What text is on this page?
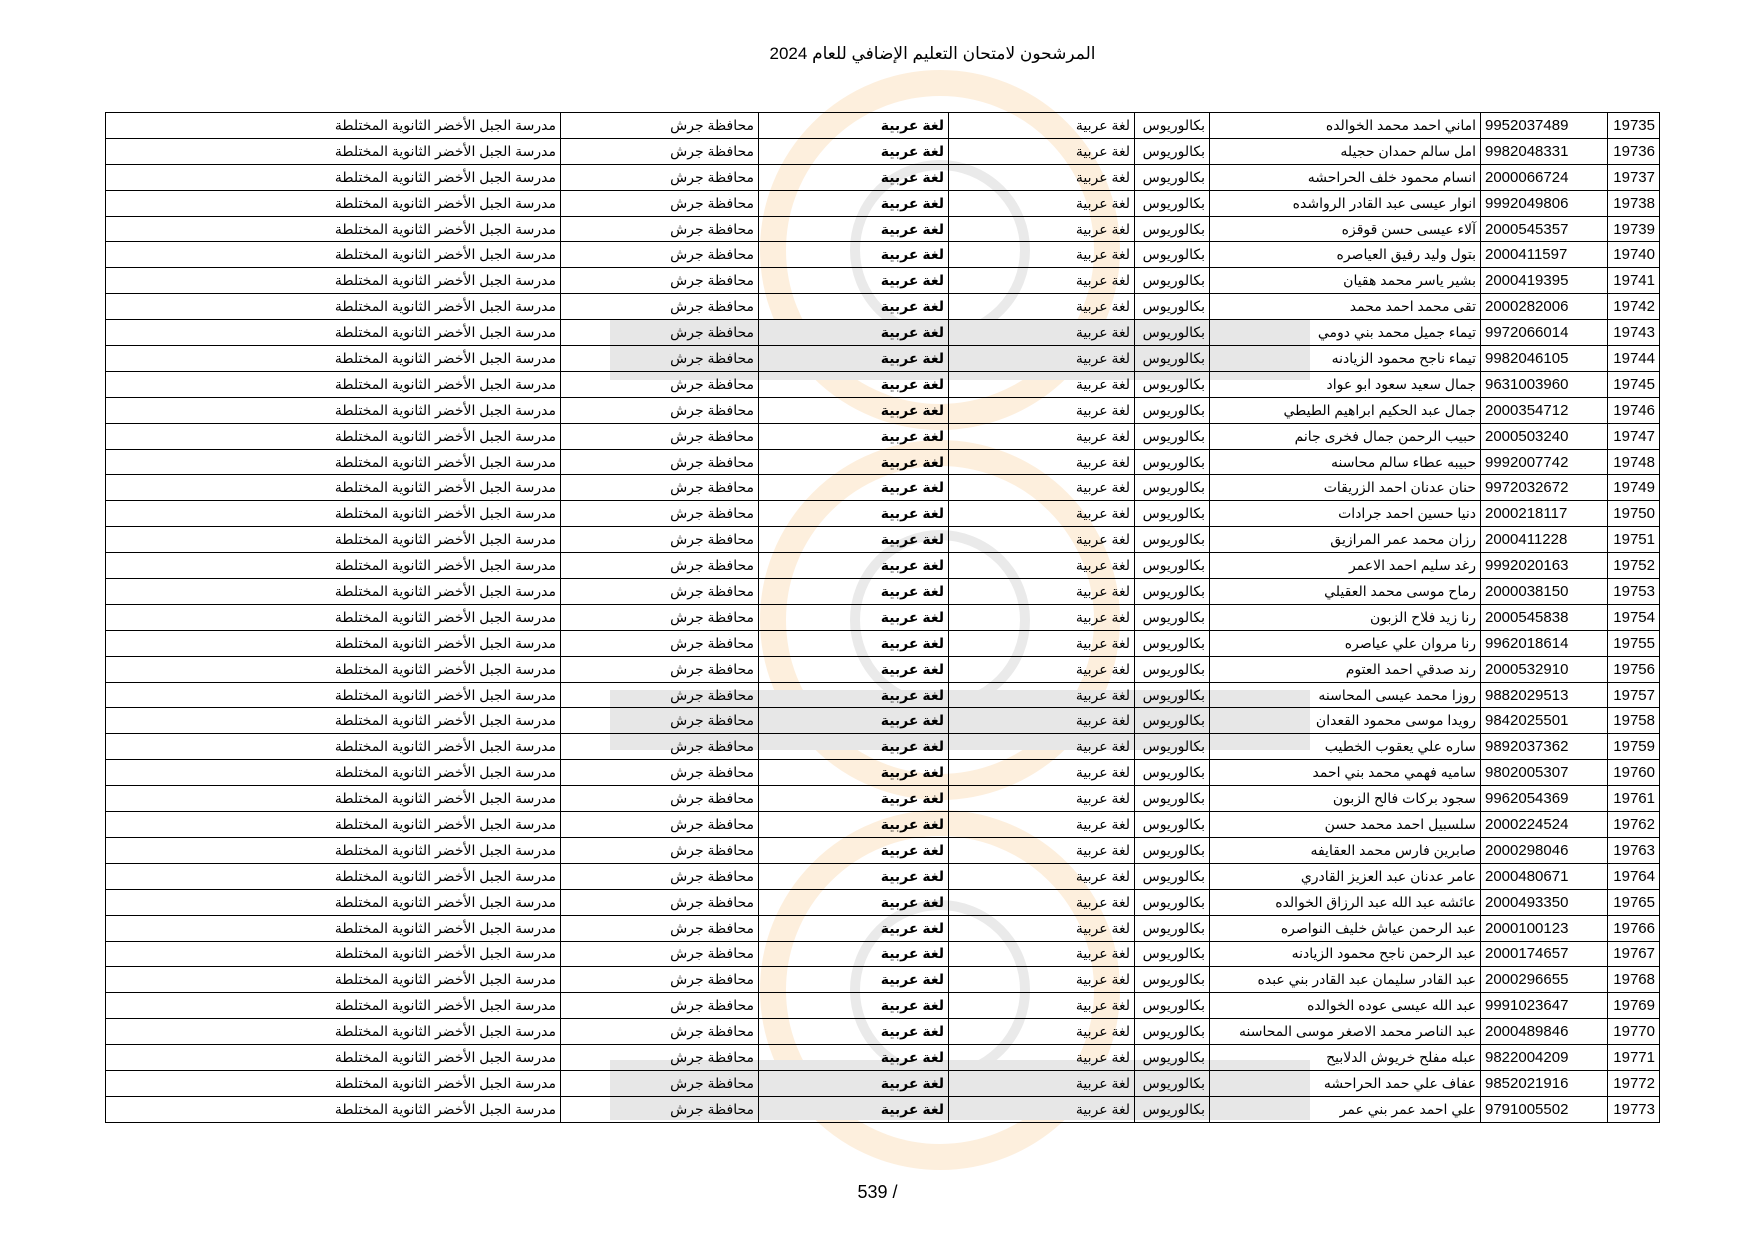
المرشحون لامتحان التعليم الإضافي للعام 2024
19735	9952037489	اماني احمد محمد الخوالده	بكالوريوس	لغة عربية	لغة عربية	محافظة جرش	مدرسة الجبل الأخضر الثانوية المختلطة
19736	9982048331	امل سالم حمدان حجيله	بكالوريوس	لغة عربية	لغة عربية	محافظة جرش	مدرسة الجبل الأخضر الثانوية المختلطة
19737	2000066724	انسام محمود خلف الحراحشه	بكالوريوس	لغة عربية	لغة عربية	محافظة جرش	مدرسة الجبل الأخضر الثانوية المختلطة
19738	9992049806	انوار عيسى عبد القادر الرواشده	بكالوريوس	لغة عربية	لغة عربية	محافظة جرش	مدرسة الجبل الأخضر الثانوية المختلطة
19739	2000545357	آلاء عيسى حسن قوقزه	بكالوريوس	لغة عربية	لغة عربية	محافظة جرش	مدرسة الجبل الأخضر الثانوية المختلطة
19740	2000411597	بتول وليد رفيق العياصره	بكالوريوس	لغة عربية	لغة عربية	محافظة جرش	مدرسة الجبل الأخضر الثانوية المختلطة
19741	2000419395	بشير ياسر محمد هقيان	بكالوريوس	لغة عربية	لغة عربية	محافظة جرش	مدرسة الجبل الأخضر الثانوية المختلطة
19742	2000282006	تقى محمد احمد محمد	بكالوريوس	لغة عربية	لغة عربية	محافظة جرش	مدرسة الجبل الأخضر الثانوية المختلطة
19743	9972066014	تيماء جميل محمد بني دومي	بكالوريوس	لغة عربية	لغة عربية	محافظة جرش	مدرسة الجبل الأخضر الثانوية المختلطة
19744	9982046105	تيماء ناجح محمود الزيادنه	بكالوريوس	لغة عربية	لغة عربية	محافظة جرش	مدرسة الجبل الأخضر الثانوية المختلطة
19745	9631003960	جمال سعيد سعود ابو عواد	بكالوريوس	لغة عربية	لغة عربية	محافظة جرش	مدرسة الجبل الأخضر الثانوية المختلطة
19746	2000354712	جمال عبد الحكيم ابراهيم الطيطي	بكالوريوس	لغة عربية	لغة عربية	محافظة جرش	مدرسة الجبل الأخضر الثانوية المختلطة
19747	2000503240	حبيب الرحمن جمال فخرى جانم	بكالوريوس	لغة عربية	لغة عربية	محافظة جرش	مدرسة الجبل الأخضر الثانوية المختلطة
19748	9992007742	حبيبه عطاء سالم محاسنه	بكالوريوس	لغة عربية	لغة عربية	محافظة جرش	مدرسة الجبل الأخضر الثانوية المختلطة
19749	9972032672	حنان عدنان احمد الزريقات	بكالوريوس	لغة عربية	لغة عربية	محافظة جرش	مدرسة الجبل الأخضر الثانوية المختلطة
19750	2000218117	دنيا حسين احمد جرادات	بكالوريوس	لغة عربية	لغة عربية	محافظة جرش	مدرسة الجبل الأخضر الثانوية المختلطة
19751	2000411228	رزان محمد عمر المرازيق	بكالوريوس	لغة عربية	لغة عربية	محافظة جرش	مدرسة الجبل الأخضر الثانوية المختلطة
19752	9992020163	رغد سليم احمد الاعمر	بكالوريوس	لغة عربية	لغة عربية	محافظة جرش	مدرسة الجبل الأخضر الثانوية المختلطة
19753	2000038150	رماح موسى محمد العقيلي	بكالوريوس	لغة عربية	لغة عربية	محافظة جرش	مدرسة الجبل الأخضر الثانوية المختلطة
19754	2000545838	رنا زيد فلاح الزبون	بكالوريوس	لغة عربية	لغة عربية	محافظة جرش	مدرسة الجبل الأخضر الثانوية المختلطة
19755	9962018614	رنا مروان علي عياصره	بكالوريوس	لغة عربية	لغة عربية	محافظة جرش	مدرسة الجبل الأخضر الثانوية المختلطة
19756	2000532910	رند صدقي احمد العتوم	بكالوريوس	لغة عربية	لغة عربية	محافظة جرش	مدرسة الجبل الأخضر الثانوية المختلطة
19757	9882029513	روزا محمد عيسى المحاسنه	بكالوريوس	لغة عربية	لغة عربية	محافظة جرش	مدرسة الجبل الأخضر الثانوية المختلطة
19758	9842025501	رويدا موسى محمود القعدان	بكالوريوس	لغة عربية	لغة عربية	محافظة جرش	مدرسة الجبل الأخضر الثانوية المختلطة
19759	9892037362	ساره علي يعقوب الخطيب	بكالوريوس	لغة عربية	لغة عربية	محافظة جرش	مدرسة الجبل الأخضر الثانوية المختلطة
19760	9802005307	ساميه فهمي محمد بني احمد	بكالوريوس	لغة عربية	لغة عربية	محافظة جرش	مدرسة الجبل الأخضر الثانوية المختلطة
19761	9962054369	سجود بركات فالح الزبون	بكالوريوس	لغة عربية	لغة عربية	محافظة جرش	مدرسة الجبل الأخضر الثانوية المختلطة
19762	2000224524	سلسبيل احمد محمد حسن	بكالوريوس	لغة عربية	لغة عربية	محافظة جرش	مدرسة الجبل الأخضر الثانوية المختلطة
19763	2000298046	صابرين فارس محمد العقايفه	بكالوريوس	لغة عربية	لغة عربية	محافظة جرش	مدرسة الجبل الأخضر الثانوية المختلطة
19764	2000480671	عامر عدنان عبد العزيز القادري	بكالوريوس	لغة عربية	لغة عربية	محافظة جرش	مدرسة الجبل الأخضر الثانوية المختلطة
19765	2000493350	عائشه عبد الله عبد الرزاق الخوالده	بكالوريوس	لغة عربية	لغة عربية	محافظة جرش	مدرسة الجبل الأخضر الثانوية المختلطة
19766	2000100123	عبد الرحمن عياش خليف النواصره	بكالوريوس	لغة عربية	لغة عربية	محافظة جرش	مدرسة الجبل الأخضر الثانوية المختلطة
19767	2000174657	عبد الرحمن ناجح محمود الزيادنه	بكالوريوس	لغة عربية	لغة عربية	محافظة جرش	مدرسة الجبل الأخضر الثانوية المختلطة
19768	2000296655	عبد القادر سليمان عبد القادر بني عبده	بكالوريوس	لغة عربية	لغة عربية	محافظة جرش	مدرسة الجبل الأخضر الثانوية المختلطة
19769	9991023647	عبد الله عيسى عوده الخوالده	بكالوريوس	لغة عربية	لغة عربية	محافظة جرش	مدرسة الجبل الأخضر الثانوية المختلطة
19770	2000489846	عبد الناصر محمد الاصغر موسى المحاسنه	بكالوريوس	لغة عربية	لغة عربية	محافظة جرش	مدرسة الجبل الأخضر الثانوية المختلطة
19771	9822004209	عبله مفلح خريوش الدلابيح	بكالوريوس	لغة عربية	لغة عربية	محافظة جرش	مدرسة الجبل الأخضر الثانوية المختلطة
19772	9852021916	عفاف علي حمد الحراحشه	بكالوريوس	لغة عربية	لغة عربية	محافظة جرش	مدرسة الجبل الأخضر الثانوية المختلطة
19773	9791005502	علي احمد عمر بني عمر	بكالوريوس	لغة عربية	لغة عربية	محافظة جرش	مدرسة الجبل الأخضر الثانوية المختلطة
539 /
